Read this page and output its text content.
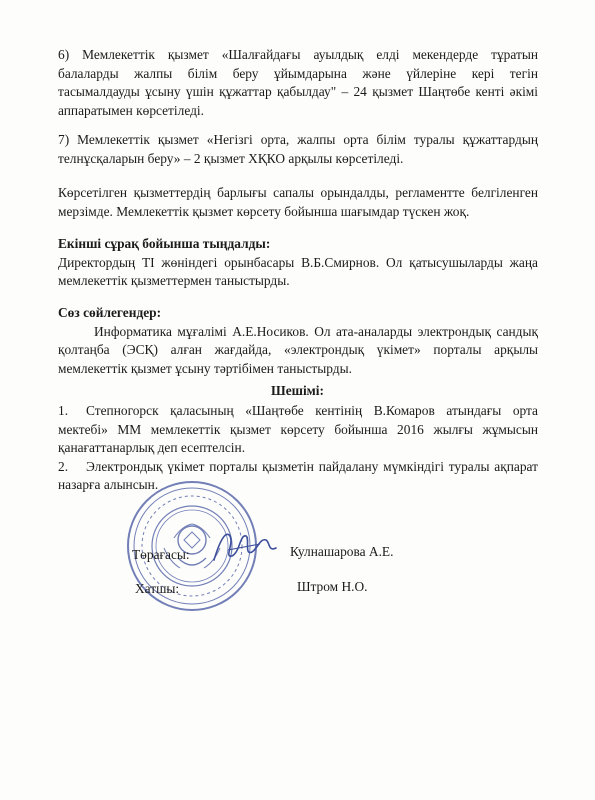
6) Мемлекеттік қызмет «Шалғайдағы ауылдық елді мекендерде тұратын

балаларды жалпы білім беру ұйымдарына және үйлеріне кері тегін

тасымалдауды ұсыну үшін құжаттар қабылдау" – 24 қызмет Шаңтөбе кенті әкімі

аппаратымен көрсетіледі.

7) Мемлекеттік қызмет «Негізгі орта, жалпы орта білім туралы құжаттардың

телнұсқаларын беру» – 2 қызмет ХҚКО арқылы көрсетіледі.

Көрсетілген қызметтердің барлығы сапалы орындалды, регламентте белгіленген

мерзімде. Мемлекеттік қызмет көрсету бойынша шағымдар түскен жоқ.

Екінші сұрақ бойынша тыңдалды:

Директордың ТІ жөніндегі орынбасары В.Б.Смирнов. Ол қатысушыларды жаңа

мемлекеттік қызметтермен таныстырды.

Сөз сөйлегендер:

Информатика мұғалімі А.Е.Носиков. Ол ата-аналарды электрондық сандық

қолтаңба (ЭСҚ) алған жағдайда, «электрондық үкімет» порталы арқылы

мемлекеттік қызмет ұсыну тәртібімен таныстырды.

Шешімі:

1. Степногорск қаласының «Шаңтөбе кентінің В.Комаров атындағы орта

мектебі» ММ мемлекеттік қызмет көрсету бойынша 2016 жылғы жұмысын

қанағаттанарлық деп есептелсін.

2. Электрондық үкімет порталы қызметін пайдалану мүмкіндігі туралы ақпарат

назарға алынсын.

Төрағасы:	Кулнашарова А.Е.
Хатшы:	Штром Н.О.
